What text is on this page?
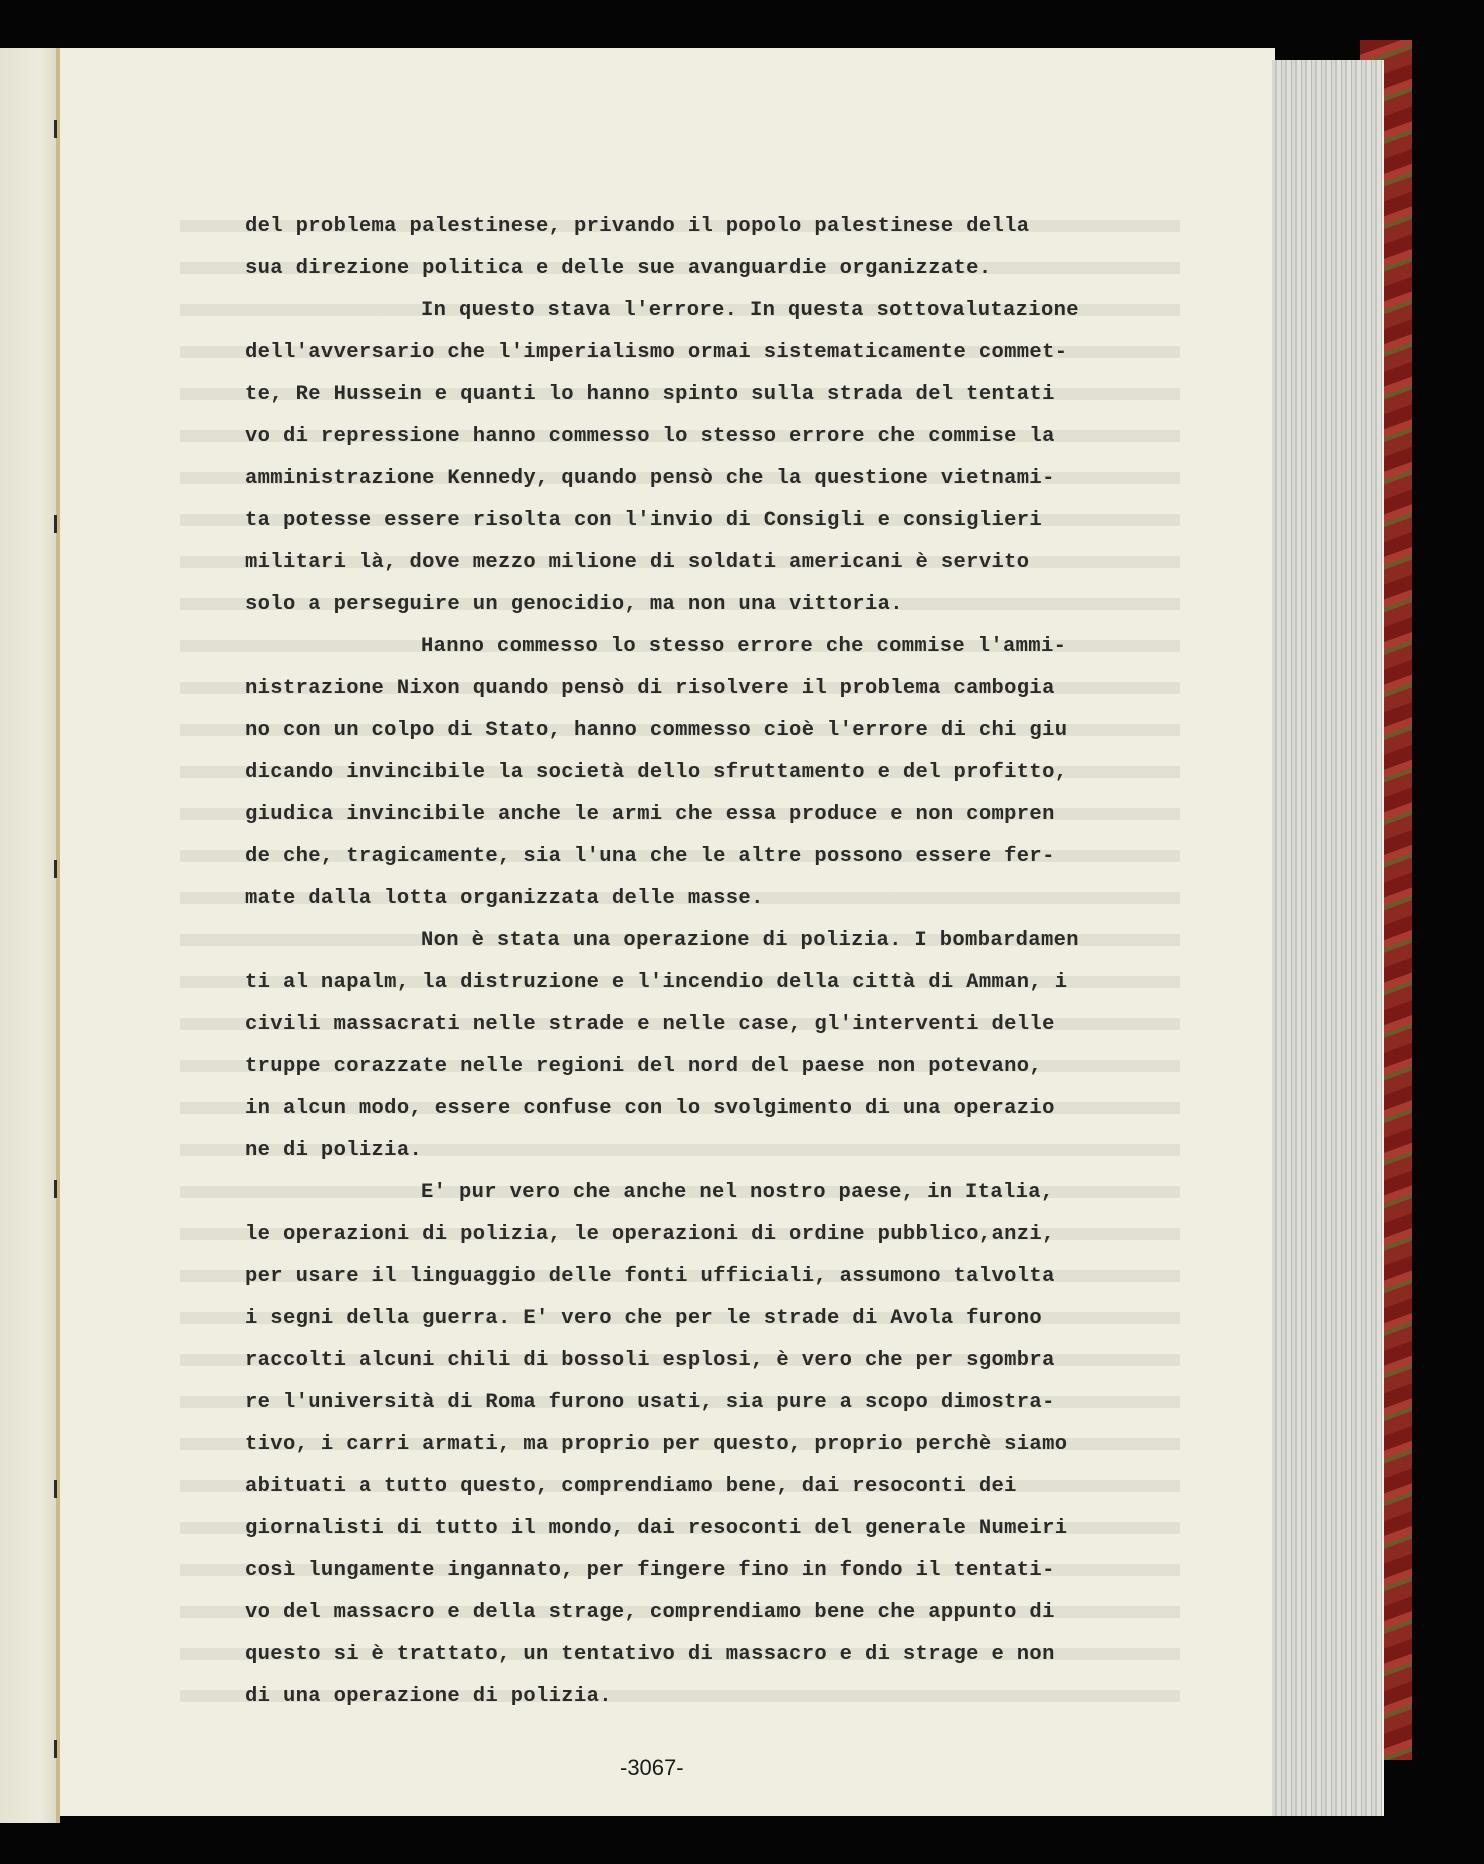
del problema palestinese, privando il popolo palestinese della
sua direzione politica e delle sue avanguardie organizzate.
In questo stava l'errore. In questa sottovalutazione
dell'avversario che l'imperialismo ormai sistematicamente commet-
te, Re Hussein e quanti lo hanno spinto sulla strada del tentati
vo di repressione hanno commesso lo stesso errore che commise la
amministrazione Kennedy, quando pensò che la questione vietnami-
ta potesse essere risolta con l'invio di Consigli e consiglieri
militari là, dove mezzo milione di soldati americani è servito
solo a perseguire un genocidio, ma non una vittoria.
Hanno commesso lo stesso errore che commise l'ammi-
nistrazione Nixon quando pensò di risolvere il problema cambogia
no con un colpo di Stato, hanno commesso cioè l'errore di chi giu
dicando invincibile la società dello sfruttamento e del profitto,
giudica invincibile anche le armi che essa produce e non compren
de che, tragicamente, sia l'una che le altre possono essere fer-
mate dalla lotta organizzata delle masse.
Non è stata una operazione di polizia. I bombardamen
ti al napalm, la distruzione e l'incendio della città di Amman, i
civili massacrati nelle strade e nelle case, gl'interventi delle
truppe corazzate nelle regioni del nord del paese non potevano,
in alcun modo, essere confuse con lo svolgimento di una operazio
ne di polizia.
E' pur vero che anche nel nostro paese, in Italia,
le operazioni di polizia, le operazioni di ordine pubblico,anzi,
per usare il linguaggio delle fonti ufficiali, assumono talvolta
i segni della guerra. E' vero che per le strade di Avola furono
raccolti alcuni chili di bossoli esplosi, è vero che per sgombra
re l'università di Roma furono usati, sia pure a scopo dimostra-
tivo, i carri armati, ma proprio per questo, proprio perchè siamo
abituati a tutto questo, comprendiamo bene, dai resoconti dei
giornalisti di tutto il mondo, dai resoconti del generale Numeiri
così lungamente ingannato, per fingere fino in fondo il tentati-
vo del massacro e della strage, comprendiamo bene che appunto di
questo si è trattato, un tentativo di massacro e di strage e non
di una operazione di polizia.
-3067-
